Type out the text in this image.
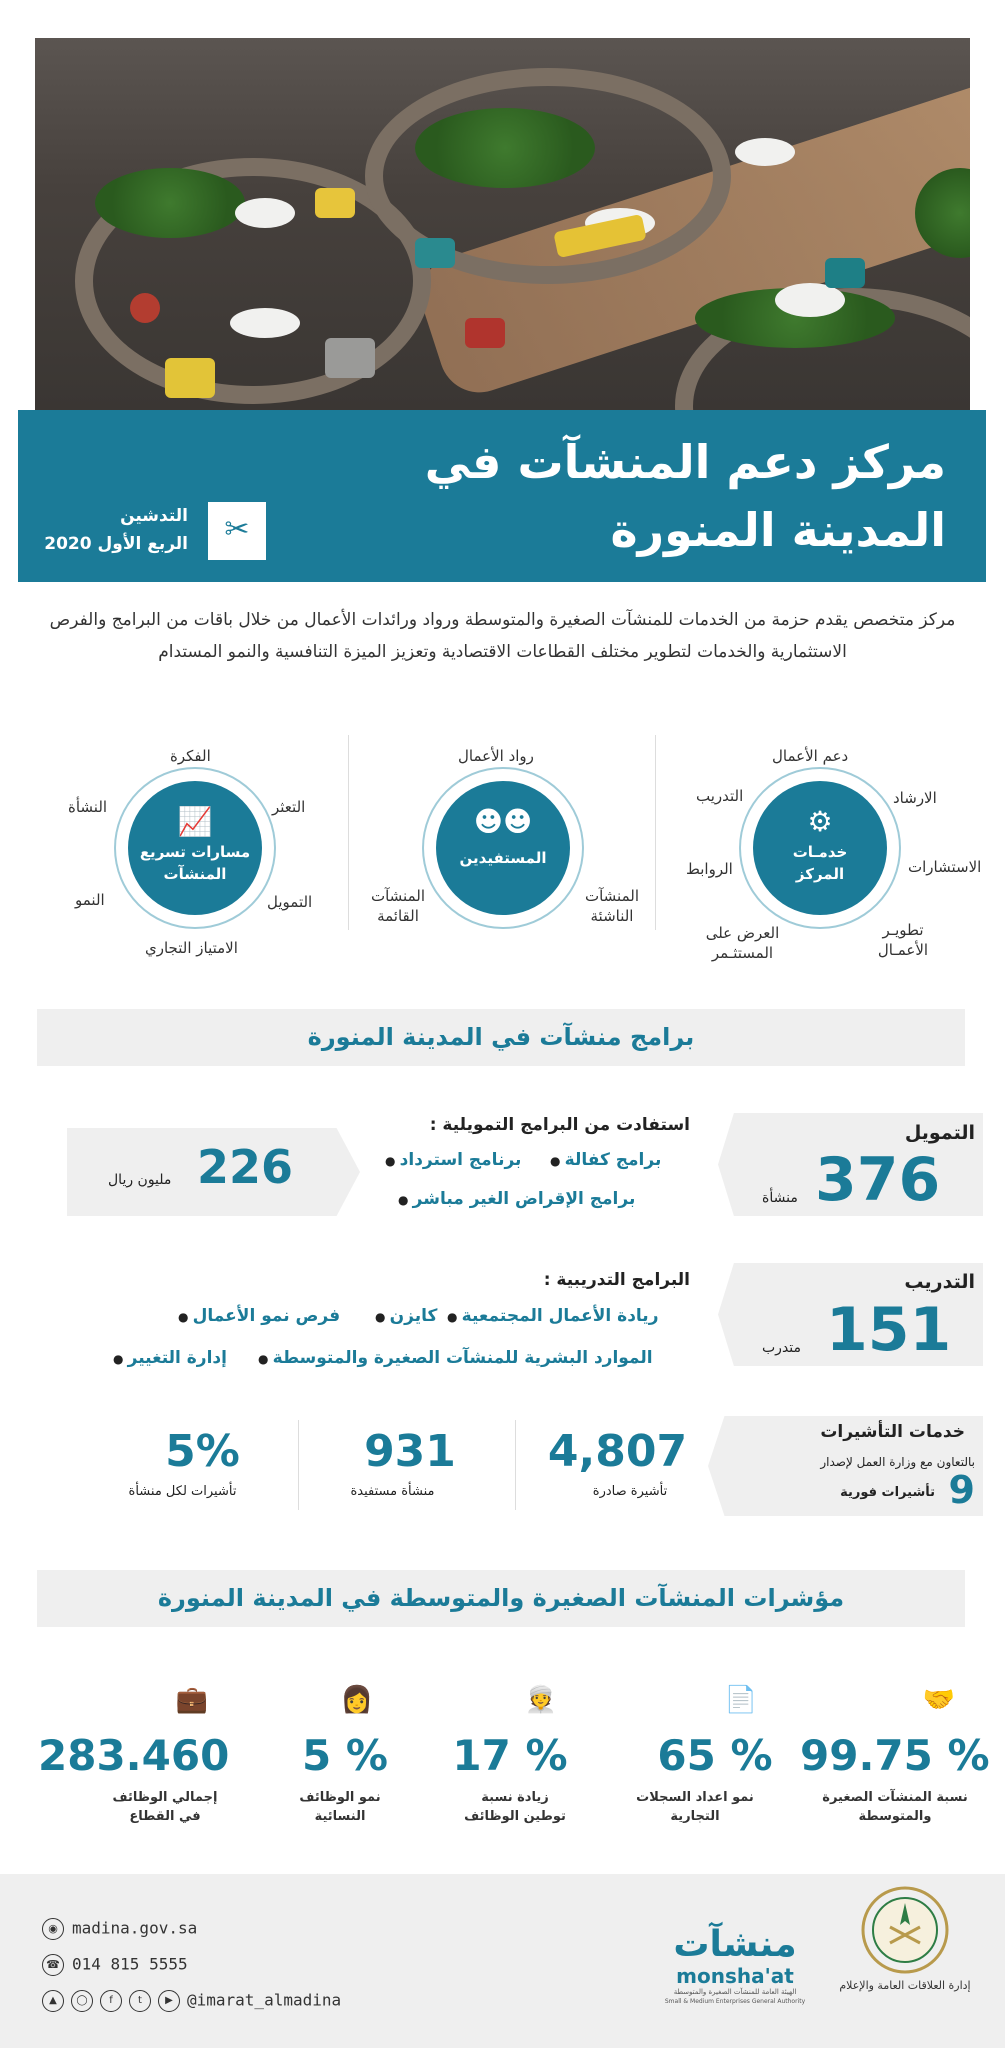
مركز دعم المنشآت في
المدينة المنورة
✂
التدشين
الربع الأول 2020
مركز متخصص يقدم حزمة من الخدمات للمنشآت الصغيرة والمتوسطة ورواد ورائدات الأعمال من خلال باقات من البرامج والفرص الاستثمارية والخدمات لتطوير مختلف القطاعات الاقتصادية وتعزيز الميزة التنافسية والنمو المستدام
⚙
خدمـات
المركز
دعم الأعمال
الارشاد
الاستشارات
تطويـر الأعمـال
العرض على المستثـمر
الروابط
التدريب
☻☻
المستفيدين
رواد الأعمال
المنشآت الناشئة
المنشآت القائمة
📈
مسارات تسريع
المنشآت
الفكرة
التعثر
التمويل
الامتياز التجاري
النمو
النشأة
برامج منشآت في المدينة المنورة
التمويل
376
منشأة
استفادت من البرامج التمويلية :
برامج كفالة ●
برنامج استرداد ●
برامج الإقراض الغير مباشر ●
226
مليون ريال
التدريب
151
متدرب
البرامج التدريبية :
ريادة الأعمال المجتمعية ●
كايزن ●
فرص نمو الأعمال ●
الموارد البشرية للمنشآت الصغيرة والمتوسطة ●
إدارة التغيير ●
خدمات التأشيرات
بالتعاون مع وزارة العمل لإصدار
9
تأشيرات فورية
4,807
تأشيرة صادرة
931
منشأة مستفيدة
5%
تأشيرات لكل منشأة
مؤشرات المنشآت الصغيرة والمتوسطة في المدينة المنورة
🤝
99.75 %
نسبة المنشآت الصغيرة والمتوسطة
📄
65 %
نمو اعداد السجلات التجارية
👳
17 %
زيادة نسبة توطين الوظائف
👩
5 %
نمو الوظائف النسائية
💼
283.460
إجمالي الوظائف في القطاع
◉ madina.gov.sa
☎ 014 815 5555
▲ ◯ f	t ▶ @imarat_almadina
منشآت
monsha'at
الهيئة العامة للمنشآت الصغيرة والمتوسطة
Small & Medium Enterprises General Authority
إدارة العلاقات العامة والإعلام
